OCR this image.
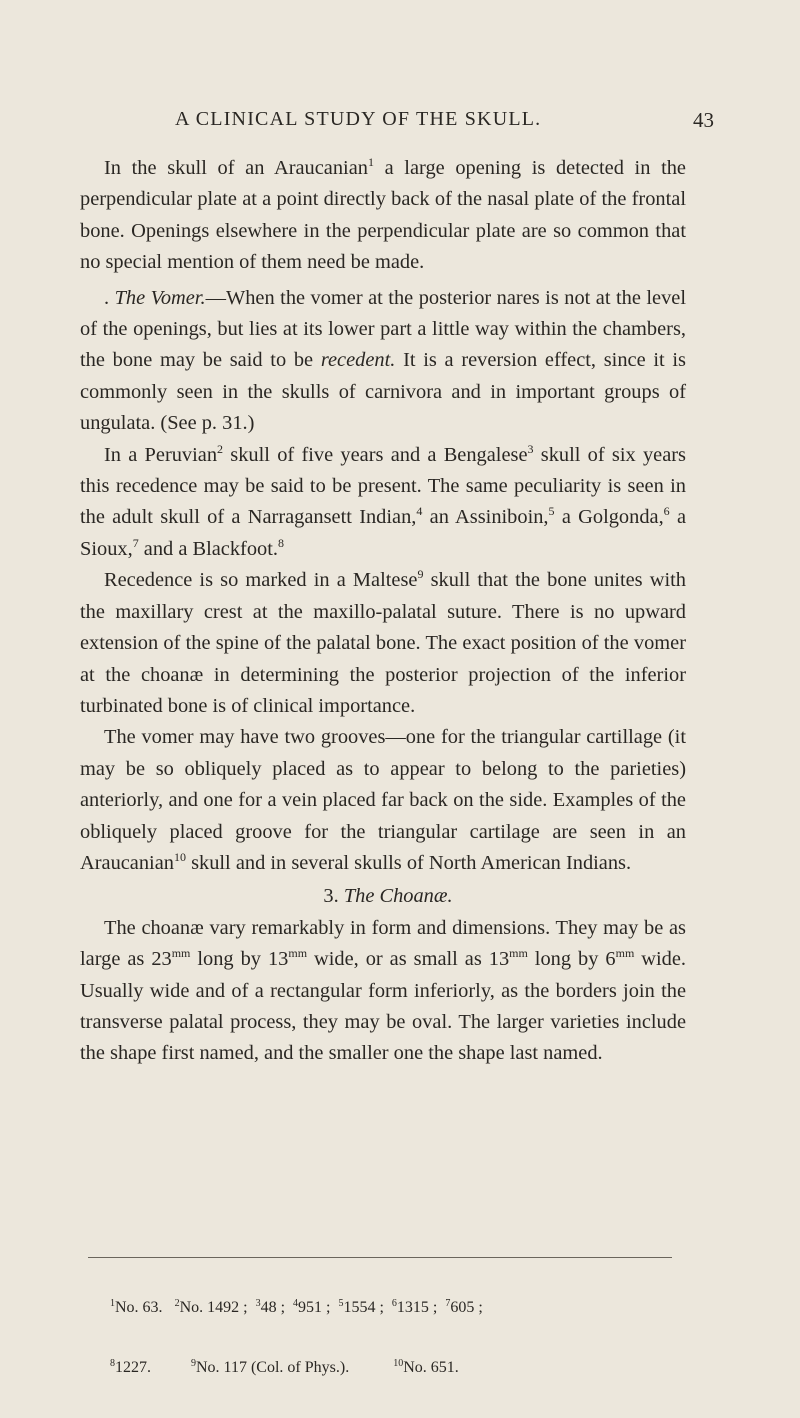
A CLINICAL STUDY OF THE SKULL.	43

In the skull of an Araucanian$^1$ a large opening is detected in the perpendicular plate at a point directly back of the nasal plate of the frontal bone. Openings elsewhere in the perpendicular plate are so common that no special mention of them need be made.

. The Vomer.—When the vomer at the posterior nares is not at the level of the openings, but lies at its lower part a little way within the chambers, the bone may be said to be recedent. It is a reversion effect, since it is commonly seen in the skulls of carnivora and in important groups of ungulata. (See p. 31.)

In a Peruvian$^2$ skull of five years and a Bengalese$^3$ skull of six years this recedence may be said to be present. The same peculiarity is seen in the adult skull of a Narragansett Indian,$^4$ an Assiniboin,$^5$ a Golgonda,$^6$ a Sioux,$^7$ and a Blackfoot.$^8$

Recedence is so marked in a Maltese$^9$ skull that the bone unites with the maxillary crest at the maxillo-palatal suture. There is no upward extension of the spine of the palatal bone. The exact position of the vomer at the choanæ in determining the posterior projection of the inferior turbinated bone is of clinical importance.

The vomer may have two grooves—one for the triangular cartillage (it may be so obliquely placed as to appear to belong to the parieties) anteriorly, and one for a vein placed far back on the side. Examples of the obliquely placed groove for the triangular cartilage are seen in an Araucanian$^{10}$ skull and in several skulls of North American Indians.

3. The Choanæ.

The choanæ vary remarkably in form and dimensions. They may be as large as $23^{mm}$ long by $13^{mm}$ wide, or as small as $13^{mm}$ long by $6^{mm}$ wide. Usually wide and of a rectangular form inferiorly, as the borders join the transverse palatal process, they may be oval. The larger varieties include the shape first named, and the smaller one the shape last named.

$^1$No. 63.   $^2$No. 1492 ;  $^3$48 ;  $^4$951 ;  $^5$1554 ;  $^6$1315 ;  $^7$605 ;

$^8$1227.          $^9$No. 117 (Col. of Phys.).           $^{10}$No. 651.
